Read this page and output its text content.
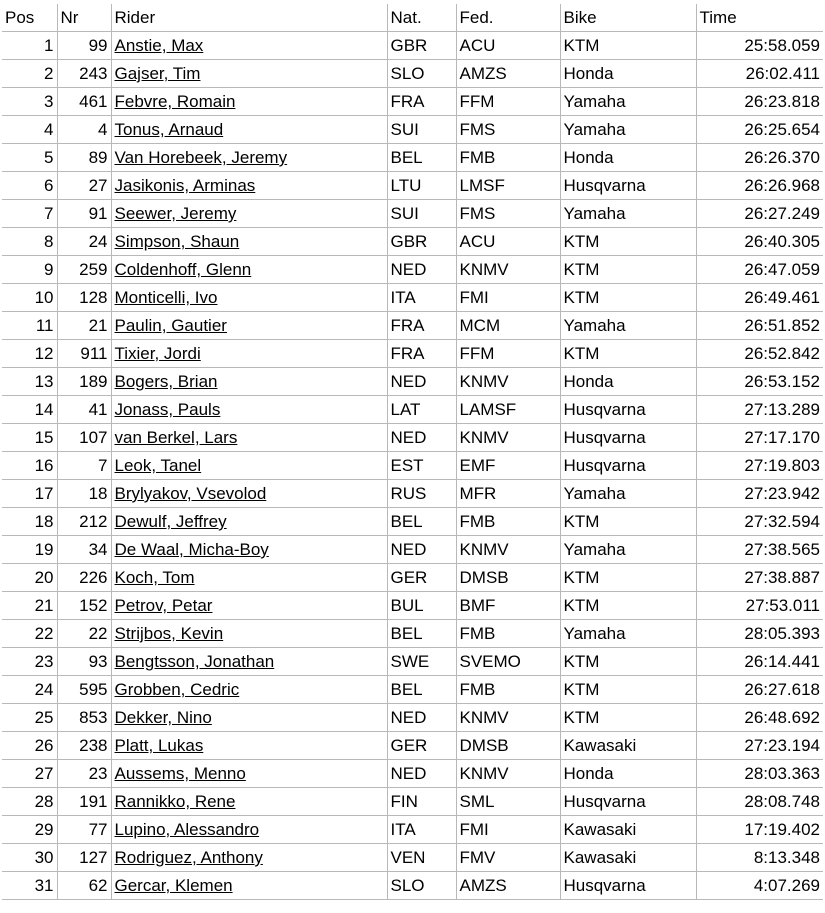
Pos	Nr	Rider	Nat.	Fed.	Bike	Time
1	99	Anstie, Max	GBR	ACU	KTM	25:58.059
2	243	Gajser, Tim	SLO	AMZS	Honda	26:02.411
3	461	Febvre, Romain	FRA	FFM	Yamaha	26:23.818
4	4	Tonus, Arnaud	SUI	FMS	Yamaha	26:25.654
5	89	Van Horebeek, Jeremy	BEL	FMB	Honda	26:26.370
6	27	Jasikonis, Arminas	LTU	LMSF	Husqvarna	26:26.968
7	91	Seewer, Jeremy	SUI	FMS	Yamaha	26:27.249
8	24	Simpson, Shaun	GBR	ACU	KTM	26:40.305
9	259	Coldenhoff, Glenn	NED	KNMV	KTM	26:47.059
10	128	Monticelli, Ivo	ITA	FMI	KTM	26:49.461
11	21	Paulin, Gautier	FRA	MCM	Yamaha	26:51.852
12	911	Tixier, Jordi	FRA	FFM	KTM	26:52.842
13	189	Bogers, Brian	NED	KNMV	Honda	26:53.152
14	41	Jonass, Pauls	LAT	LAMSF	Husqvarna	27:13.289
15	107	van Berkel, Lars	NED	KNMV	Husqvarna	27:17.170
16	7	Leok, Tanel	EST	EMF	Husqvarna	27:19.803
17	18	Brylyakov, Vsevolod	RUS	MFR	Yamaha	27:23.942
18	212	Dewulf, Jeffrey	BEL	FMB	KTM	27:32.594
19	34	De Waal, Micha-Boy	NED	KNMV	Yamaha	27:38.565
20	226	Koch, Tom	GER	DMSB	KTM	27:38.887
21	152	Petrov, Petar	BUL	BMF	KTM	27:53.011
22	22	Strijbos, Kevin	BEL	FMB	Yamaha	28:05.393
23	93	Bengtsson, Jonathan	SWE	SVEMO	KTM	26:14.441
24	595	Grobben, Cedric	BEL	FMB	KTM	26:27.618
25	853	Dekker, Nino	NED	KNMV	KTM	26:48.692
26	238	Platt, Lukas	GER	DMSB	Kawasaki	27:23.194
27	23	Aussems, Menno	NED	KNMV	Honda	28:03.363
28	191	Rannikko, Rene	FIN	SML	Husqvarna	28:08.748
29	77	Lupino, Alessandro	ITA	FMI	Kawasaki	17:19.402
30	127	Rodriguez, Anthony	VEN	FMV	Kawasaki	8:13.348
31	62	Gercar, Klemen	SLO	AMZS	Husqvarna	4:07.269
